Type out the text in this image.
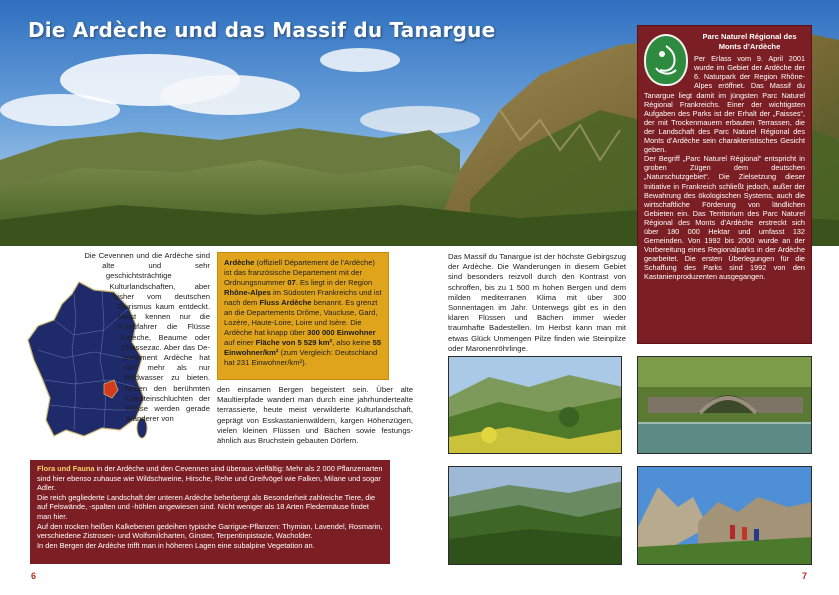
Die Ardèche und das Massif du Tanargue	Parc Naturel Régional des Monts d’Ardèche

Per Erlass vom 9. April 2001 wurde im Gebiet der Ardèche der 6. Naturpark der Region Rhône-Alpes eröffnet. Das Massif du Tanargue liegt damit im jüngsten Parc Naturel Régional Frankreichs. Einer der wichtigsten Aufgaben des Parks ist der Erhalt der „Faisses“, der mit Trockenmauern erbauten Terrassen, die der Landschaft des Parc Naturel Régional des Monts d’Ardèche sein charakteristisches Gesicht geben.

Der Begriff „Parc Naturel Régional“ entspricht in groben Zügen dem deutschen „Naturschutzgebiet“. Die Zielsetzung dieser Initiative in Frankreich schließt jedoch, außer der Bewahrung des ökologischen Systems, auch die wirtschaftliche Förderung von ländlichen Gebieten ein. Das Territorium des Parc Naturel Régional des Monts d’Ardèche erstreckt sich über 180 000 Hektar und umfasst 132 Gemeinden. Von 1992 bis 2000 wurde an der Vorbereitung eines Regionalparks in der Ardèche gearbeitet. Die ersten Überlegungen für die Schaffung des Parks sind 1992 von den Kastanienproduzenten ausgegangen.

Die Cevennen und die Ardèche sind alte und sehr geschichtsträchtige Kulturlandschaften, aber bisher vom deutschen Tourismus kaum entdeckt. Meist kennen nur die Kanufahrer die Flüsse Ardèche, Beaume oder Chassezac. Aber das Departement Ardèche hat viel mehr als nur Wildwasser zu bieten. Neben den berühmten Kalksteinschluchten der Flüsse werden gerade Wanderer von
Ardèche (offiziell Département de l’Ardèche) ist das französische Departement mit der Ordnungsnummer 07. Es liegt in der Region Rhône-Alpes im Südosten Frankreichs und ist nach dem Fluss Ardèche benannt. Es grenzt an die Departements Drôme, Vaucluse, Gard, Lozère, Haute-Loire, Loire und Isère. Die Ardèche hat knapp über 300 000 Einwohner auf einer Fläche von 5 529 km², also keine 55 Einwohner/km² (zum Vergleich: Deutschland hat 231 Einwohner/km²).
den einsamen Bergen begeistert sein. Über alte Maultierpfade wandert man durch eine jahrhundertealte terrassierte, heute meist verwilderte Kulturlandschaft, geprägt von Esskastanienwäldern, kargen Höhenzügen, vielen kleinen Flüssen und Bächen sowie festungsähnlich aus Bruchstein gebauten Dörfern.
Das Massif du Tanargue ist der höchste Gebirgszug der Ardèche. Die Wanderungen in diesem Gebiet sind besonders reizvoll durch den Kontrast von schroffen, bis zu 1 500 m hohen Bergen und dem milden mediterranen Klima mit über 300 Sonnentagen im Jahr. Unterwegs gibt es in den klaren Flüssen und Bächen immer wieder traumhafte Badestellen. Im Herbst kann man mit etwas Glück Unmengen Pilze finden wie Steinpilze oder Maronenröhrlinge.
Flora und Fauna in der Ardèche und den Cevennen sind überaus vielfältig: Mehr als 2 000 Pflanzenarten sind hier ebenso zuhause wie Wildschweine, Hirsche, Rehe und Greifvögel wie Falken, Milane und sogar Adler.
Die reich gegliederte Landschaft der unteren Ardèche beherbergt als Besonderheit zahlreiche Tiere, die auf Felswände, -spalten und -höhlen angewiesen sind. Nicht weniger als 18 Arten Fledermäuse findet man hier.
Auf den trocken heißen Kalkebenen gedeihen typische Garrigue-Pflanzen: Thymian, Lavendel, Rosmarin, verschiedene Zistrosen- und Wolfsmilcharten, Ginster, Terpentinpistazie, Wacholder.
In den Bergen der Ardèche trifft man in höheren Lagen eine subalpine Vegetation an.
6	7
